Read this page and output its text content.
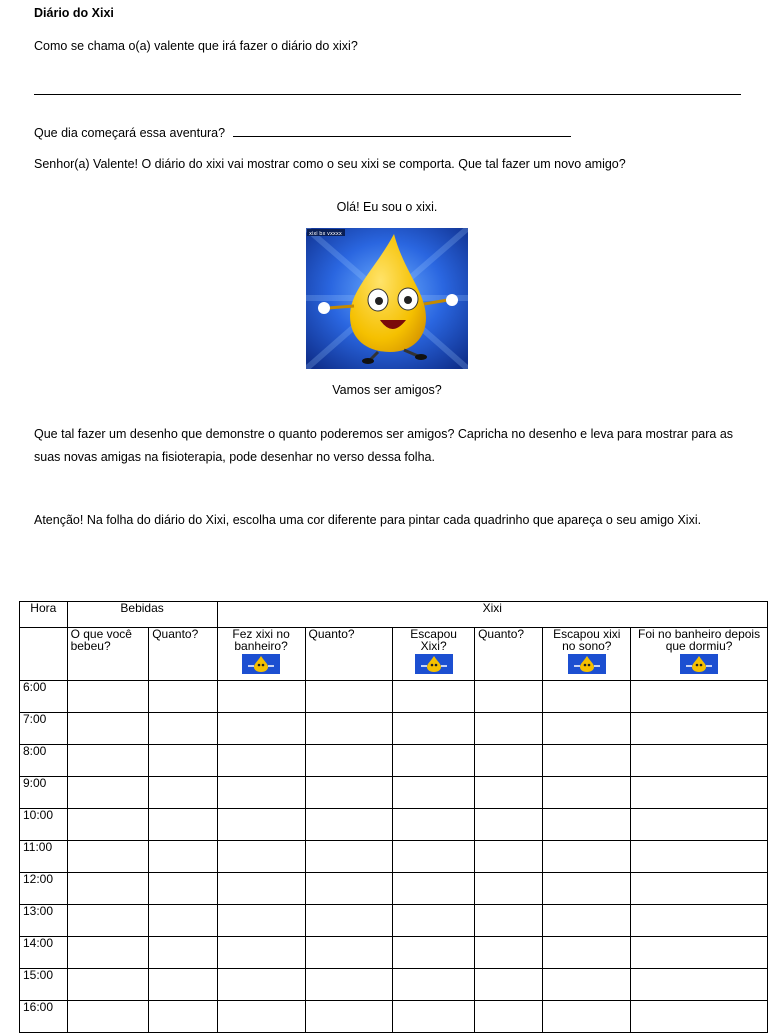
Diário do Xixi
Como se chama o(a) valente que irá fazer o diário do xixi?
Que dia começará essa aventura?
Senhor(a) Valente! O diário do xixi vai mostrar como o seu xixi se comporta. Que tal fazer um novo amigo?
Olá! Eu sou o xixi.
xixi bx vxxxx
Vamos ser amigos?
Que tal fazer um desenho que demonstre o quanto poderemos ser amigos? Capricha no desenho e leva para mostrar para as suas novas amigas na fisioterapia, pode desenhar no verso dessa folha.
Atenção! Na folha do diário do Xixi, escolha uma cor diferente para pintar cada quadrinho que apareça o seu amigo Xixi.
Hora	Bebidas		Xixi					
	O que você bebeu?	Quanto?	Fez xixi no banheiro?	Quanto?	Escapou Xixi?	Quanto?	Escapou xixi no sono?	Foi no banheiro depois que dormiu?

6:00								
7:00								
8:00								
9:00								
10:00								
11:00								
12:00								
13:00								
14:00								
15:00								
16:00								
